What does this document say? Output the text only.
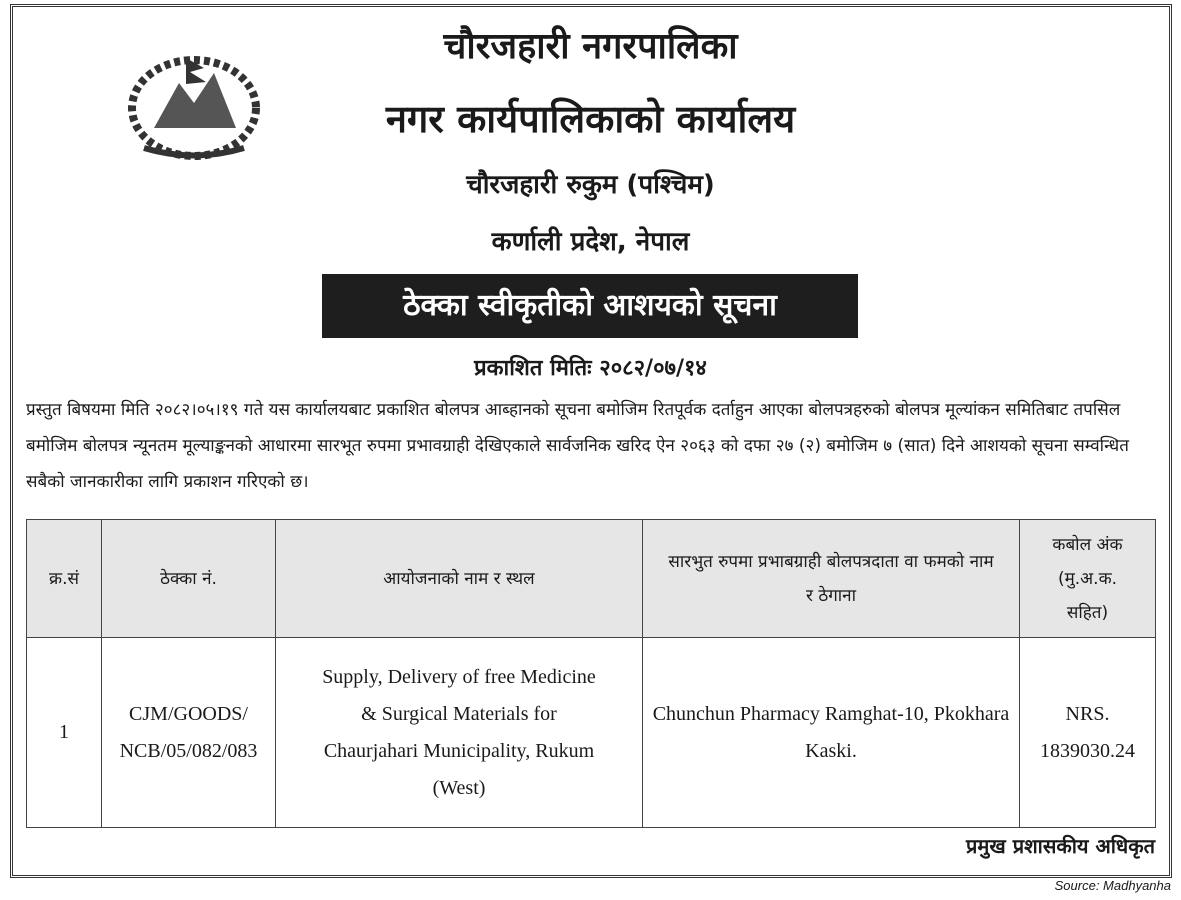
चौरजहारी नगरपालिका
नगर कार्यपालिकाको कार्यालय
चौरजहारी रुकुम (पश्चिम)
कर्णाली प्रदेश, नेपाल
ठेक्का स्वीकृतीको आशयको सूचना
प्रकाशित मितिः २०८२/०७/१४
प्रस्तुत बिषयमा मिति २०८२।०५।१९ गते यस कार्यालयबाट प्रकाशित बोलपत्र आब्हानको सूचना बमोजिम रितपूर्वक दर्ताहुन आएका बोलपत्रहरुको बोलपत्र मूल्यांकन समितिबाट तपसिल बमोजिम बोलपत्र न्यूनतम मूल्याङ्कनको आधारमा सारभूत रुपमा प्रभावग्राही देखिएकाले सार्वजनिक खरिद ऐन २०६३ को दफा २७ (२) बमोजिम ७ (सात) दिने आशयको सूचना सम्वन्धित सबैको जानकारीका लागि प्रकाशन गरिएको छ।
क्र.सं	ठेक्का नं.	आयोजनाको नाम र स्थल	सारभुत रुपमा प्रभाबग्राही बोलपत्रदाता वा फमको नाम र ठेगाना	कबोल अंक (मु.अ.क. सहित)
1	CJM/GOODS/ NCB/05/082/083	Supply, Delivery of free Medicine & Surgical Materials for Chaurjahari Municipality, Rukum (West)	Chunchun Pharmacy Ramghat-10, Pkokhara Kaski.	NRS. 1839030.24
प्रमुख प्रशासकीय अधिकृत
Source: Madhyanha
